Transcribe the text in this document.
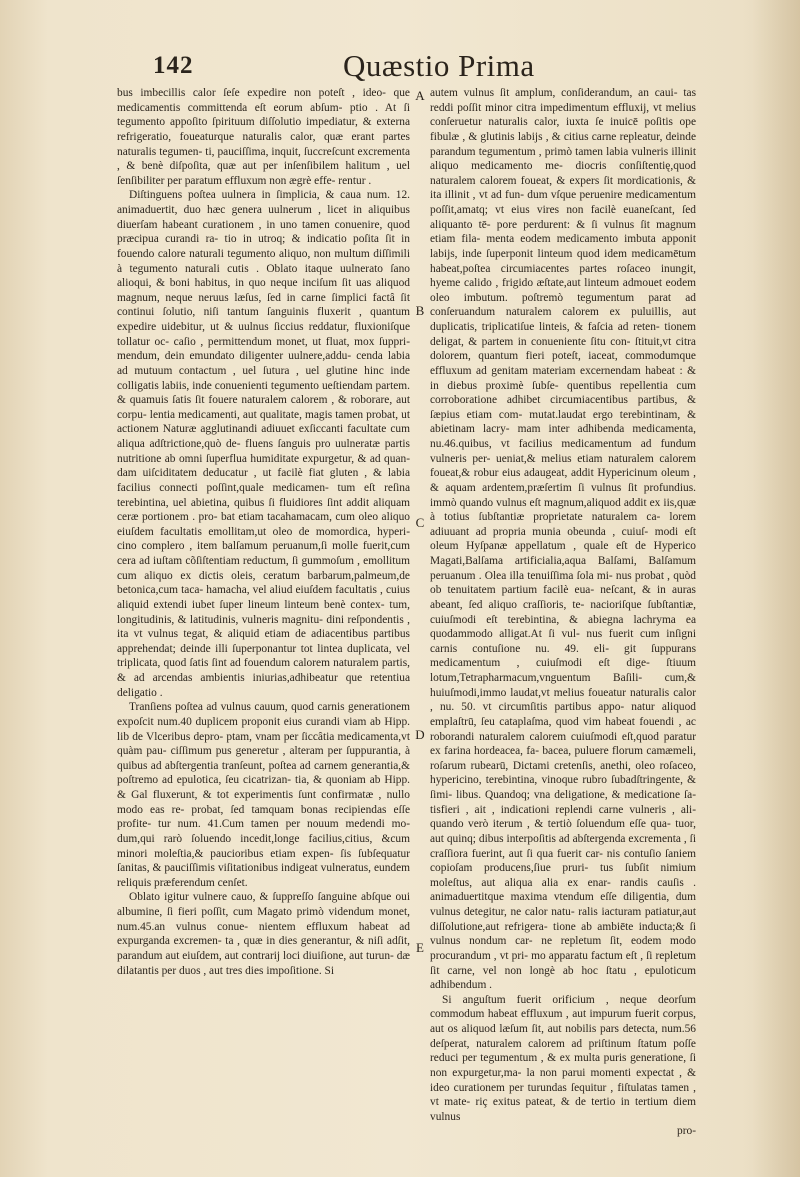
142	Quæstio Prima

bus imbecillis calor ſeſe expedire non poteſt , ideo- que medicamentis committenda eſt eorum abſum- ptio . At ſi tegumento appoſito ſpirituum diſſolutio impediatur, & externa refrigeratio, foueaturque naturalis calor, quæ erant partes naturalis tegumen- ti, pauciſſima, inquit, ſuccreſcunt excrementa , & benè diſpoſita, quæ aut per inſenſibilem halitum , uel ſenſibiliter per paratum effluxum non ægrè effe- rentur .

Diſtinguens poſtea uulnera in ſimplicia, & caua num. 12. animaduertit, duo hæc genera uulnerum , licet in aliquibus diuerſam habeant curationem , in uno tamen conuenire, quod præcipua curandi ra- tio in utroq; & indicatio poſita ſit in fouendo calore naturali tegumento aliquo, non multum diſſimili à tegumento naturali cutis . Oblato itaque uulnerato ſano alioqui, & boni habitus, in quo neque inciſum ſit uas aliquod magnum, neque neruus læſus, ſed in carne ſimplici factâ ſit continui ſolutio, niſi tantum ſanguinis fluxerit , quantum expedire uidebitur, ut & uulnus ſiccius reddatur, fluxioniſque tollatur oc- caſio , permittendum monet, ut fluat, mox ſuppri- mendum, dein emundato diligenter uulnere,addu- cenda labia ad mutuum contactum , uel ſutura , uel glutine hinc inde colligatis labiis, inde conuenienti tegumento ueſtiendam partem. & quamuis ſatis ſit fouere naturalem calorem , & roborare, aut corpu- lentia medicamenti, aut qualitate, magis tamen probat, ut actionem Naturæ agglutinandi adiuuet exſiccanti facultate cum aliqua adſtrictione,quò de- fluens ſanguis pro uulneratæ partis nutritione ab omni ſuperflua humiditate expurgetur, & ad quan- dam uiſciditatem deducatur , ut facilè fiat gluten , & labia facilius connecti poſſint,quale medicamen- tum eſt reſina terebintina, uel abietina, quibus ſi fluidiores ſint addit aliquam ceræ portionem . pro- bat etiam tacahamacam, cum oleo aliquo eiuſdem facultatis emollitam,ut oleo de momordica, hyperi- cino complero , item balſamum peruanum,ſi molle fuerit,cum cera ad iuſtam cõſiſtentiam reductum, ſi gummoſum , emollitum cum aliquo ex dictis oleis, ceratum barbarum,palmeum,de betonica,cum taca- hamacha, vel aliud eiuſdem facultatis , cuius aliquid extendi iubet ſuper lineum linteum benè contex- tum, longitudinis, & latitudinis, vulneris magnitu- dini reſpondentis , ita vt vulnus tegat, & aliquid etiam de adiacentibus partibus apprehendat; deinde illi ſuperponantur tot lintea duplicata, vel triplicata, quod ſatis ſint ad fouendum calorem naturalem partis, & ad arcendas ambientis iniurias,adhibeatur que retentiua deligatio .

Tranſiens poſtea ad vulnus cauum, quod carnis generationem expoſcit num.40 duplicem proponit eius curandi viam ab Hipp. lib de Vlceribus depro- ptam, vnam per ſiccâtia medicamenta,vt quàm pau- ciſſimum pus generetur , alteram per ſuppurantia, à quibus ad abſtergentia tranſeunt, poſtea ad carnem generantia,& poſtremo ad epulotica, ſeu cicatrizan- tia, & quoniam ab Hipp. & Gal fluxerunt, & tot experimentis ſunt confirmatæ , nullo modo eas re- probat, ſed tamquam bonas recipiendas eſſe profite- tur num. 41.Cum tamen per nouum medendi mo- dum,qui rarò ſoluendo incedit,longe facilius,citius, &cum minori moleſtia,& paucioribus etiam expen- ſis ſubſequatur ſanitas, & pauciſſimis viſitationibus indigeat vulneratus, eundem reliquis præferendum cenſet.

Oblato igitur vulnere cauo, & ſuppreſſo ſanguine abſque oui albumine, ſi fieri poſſit, cum Magato primò videndum monet, num.45.an vulnus conue- nientem effluxum habeat ad expurganda excremen- ta , quæ in dies generantur, & niſi adſit, parandum aut eiuſdem, aut contrarij loci diuiſione, aut turun- dæ dilatantis per duos , aut tres dies impoſitione. Si

A
B
C
D
E

autem vulnus ſit amplum, conſiderandum, an caui- tas reddi poſſit minor citra impedimentum effluxij, vt melius conſeruetur naturalis calor, iuxta ſe inuicē poſitis ope fibulæ , & glutinis labijs , & citius carne repleatur, deinde parandum tegumentum , primò tamen labia vulneris illinit aliquo medicamento me- diocris conſiſtentię,quod naturalem calorem foueat, & expers ſit mordicationis, & ita illinit , vt ad fun- dum vſque peruenire medicamentum poſſit,amatq; vt eius vires non facilè euaneſcant, ſed aliquanto tē- pore perdurent: & ſi vulnus ſit magnum etiam fila- menta eodem medicamento imbuta apponit labijs, inde ſuperponit linteum quod idem medicamētum habeat,poſtea circumiacentes partes roſaceo inungit, hyeme calido , frigido æſtate,aut linteum admouet eodem oleo imbutum. poſtremò tegumentum parat ad conſeruandum naturalem calorem ex puluillis, aut duplicatis, triplicatiſue linteis, & faſcia ad reten- tionem deligat, & partem in conueniente ſitu con- ſtituit,vt citra dolorem, quantum fieri poteſt, iaceat, commodumque effluxum ad genitam materiam excernendam habeat : & in diebus proximè ſubſe- quentibus repellentia cum corroboratione adhibet circumiacentibus partibus, & ſæpius etiam com- mutat.laudat ergo terebintinam, & abietinam lacry- mam inter adhibenda medicamenta, nu.46.quibus, vt facilius medicamentum ad fundum vulneris per- ueniat,& melius etiam naturalem calorem foueat,& robur eius adaugeat, addit Hypericinum oleum , & aquam ardentem,præſertim ſi vulnus ſit profundius. immò quando vulnus eſt magnum,aliquod addit ex iis,quæ à totius ſubſtantiæ proprietate naturalem ca- lorem adiuuant ad propria munia obeunda , cuiuſ- modi eſt oleum Hyſpanæ appellatum , quale eſt de Hyperico Magati,Balſama artificialia,aqua Balſami, Balſamum peruanum . Olea illa tenuiſſima ſola mi- nus probat , quòd ob tenuitatem partium facilè eua- neſcant, & in auras abeant, ſed aliquo craſſioris, te- nacioriſque ſubſtantiæ, cuiuſmodi eſt terebintina, & abiegna lachryma ea quodammodo alligat.At ſi vul- nus fuerit cum inſigni carnis contuſione nu. 49. eli- git ſuppurans medicamentum , cuiuſmodi eſt dige- ſtiuum lotum,Tetrapharmacum,vnguentum Baſili- cum,& huiuſmodi,immo laudat,vt melius foueatur naturalis calor , nu. 50. vt circumſitis partibus appo- natur aliquod emplaſtrū, ſeu cataplaſma, quod vim habeat fouendi , ac roborandi naturalem calorem cuiuſmodi eſt,quod paratur ex farina hordeacea, fa- bacea, puluere florum camæmeli, roſarum rubearū, Dictami cretenſis, anethi, oleo roſaceo, hypericino, terebintina, vinoque rubro ſubadſtringente, & ſimi- libus. Quandoq; vna deligatione, & medicatione ſa- tisfieri , ait , indicationi replendi carne vulneris , ali- quando verò iterum , & tertiò ſoluendum eſſe qua- tuor, aut quinq; dibus interpoſitis ad abſtergenda excrementa , ſi craſſiora fuerint, aut ſi qua fuerit car- nis contuſio ſaniem copioſam producens,ſiue pruri- tus ſubſit nimium moleſtus, aut aliqua alia ex enar- randis cauſis . animaduertitque maxima vtendum eſſe diligentia, dum vulnus detegitur, ne calor natu- ralis iacturam patiatur,aut diſſolutione,aut refrigera- tione ab ambiēte inducta;& ſi vulnus nondum car- ne repletum ſit, eodem modo procurandum , vt pri- mo apparatu factum eſt , ſi repletum ſit carne, vel non longè ab hoc ſtatu , epuloticum adhibendum .

Si anguſtum fuerit orificium , neque deorſum commodum habeat effluxum , aut impurum fuerit corpus, aut os aliquod læſum ſit, aut nobilis pars detecta, num.56 deſperat, naturalem calorem ad priſtinum ſtatum poſſe reduci per tegumentum , & ex multa puris generatione, ſi non expurgetur,ma- la non parui momenti expectat , & ideo curationem per turundas ſequitur , fiſtulatas tamen , vt mate- riç exitus pateat, & de tertio in tertium diem vulnus

pro-
